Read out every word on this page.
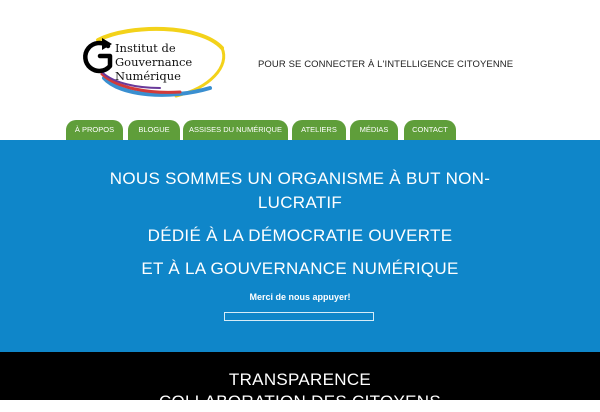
Institut de
Gouvernance
Numérique
POUR SE CONNECTER À L'INTELLIGENCE CITOYENNE
À PROPOS	BLOGUE	ASSISES DU NUMÉRIQUE	ATELIERS	MÉDIAS	CONTACT
NOUS SOMMES UN ORGANISME À BUT NON-
LUCRATIF
DÉDIÉ À LA DÉMOCRATIE OUVERTE
ET À LA GOUVERNANCE NUMÉRIQUE
Merci de nous appuyer!
TRANSPARENCE
COLLABORATION DES CITOYENS
